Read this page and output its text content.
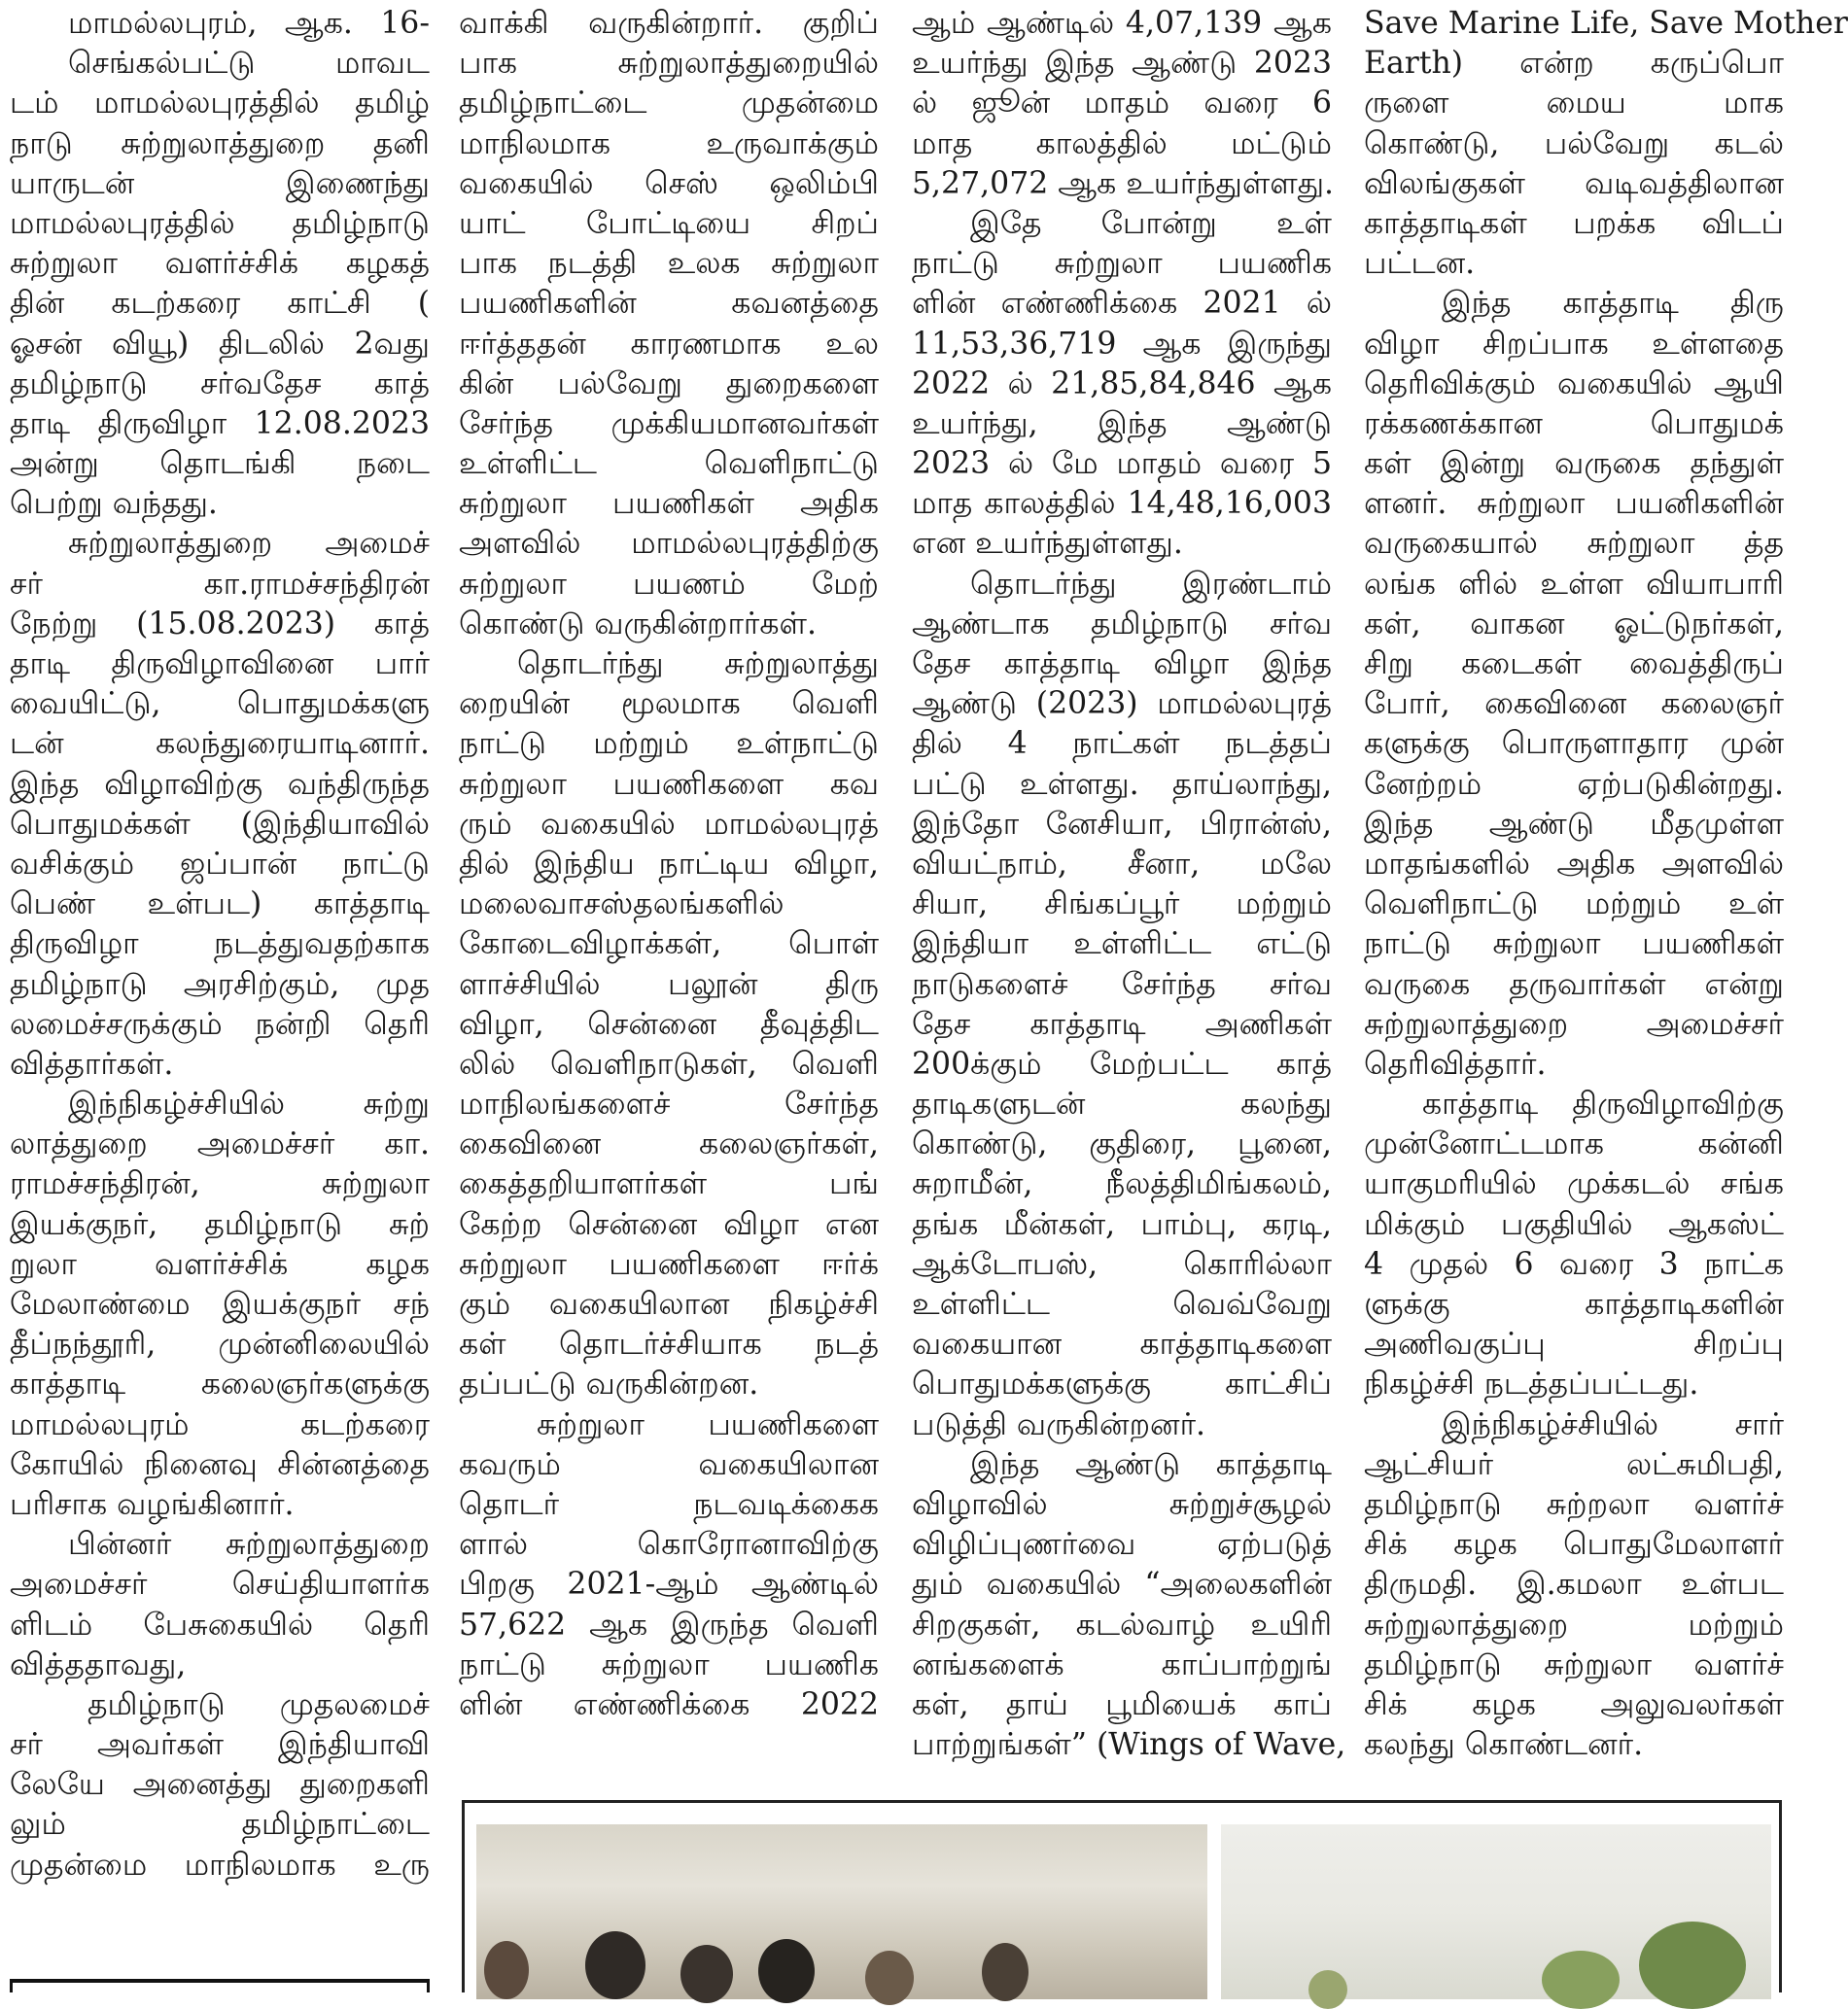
மாமல்லபுரம், ஆக. 16-
செங்கல்பட்டு மாவட
டம் மாமல்லபுரத்தில் தமிழ்
நாடு சுற்றுலாத்துறை தனி
யாருடன் இணைந்து
மாமல்லபுரத்தில் தமிழ்நாடு
சுற்றுலா வளர்ச்சிக் கழகத்
தின் கடற்கரை காட்சி (
ஓசன் வியூ) திடலில் 2வது
தமிழ்நாடு சர்வதேச காத்
தாடி திருவிழா 12.08.2023
அன்று தொடங்கி நடை
பெற்று வந்தது.
சுற்றுலாத்துறை அமைச்
சர் கா.ராமச்சந்திரன்
நேற்று (15.08.2023) காத்
தாடி திருவிழாவினை பார்
வையிட்டு, பொதுமக்களு
டன் கலந்துரையாடினார்.
இந்த விழாவிற்கு வந்திருந்த
பொதுமக்கள் (இந்தியாவில்
வசிக்கும் ஜப்பான் நாட்டு
பெண் உள்பட) காத்தாடி
திருவிழா நடத்துவதற்காக
தமிழ்நாடு அரசிற்கும், முத
லமைச்சருக்கும் நன்றி தெரி
வித்தார்கள்.
இந்நிகழ்ச்சியில் சுற்று
லாத்துறை அமைச்சர் கா.
ராமச்சந்திரன், சுற்றுலா
இயக்குநர், தமிழ்நாடு சுற்
றுலா வளர்ச்சிக் கழக
மேலாண்மை இயக்குநர் சந்
தீப்நந்தூரி, முன்னிலையில்
காத்தாடி கலைஞர்களுக்கு
மாமல்லபுரம் கடற்கரை
கோயில் நினைவு சின்னத்தை
பரிசாக வழங்கினார்.
பின்னர் சுற்றுலாத்துறை
அமைச்சர் செய்தியாளர்க
ளிடம் பேசுகையில் தெரி
வித்ததாவது,
தமிழ்நாடு முதலமைச்
சர் அவர்கள் இந்தியாவி
லேயே அனைத்து துறைகளி
லும் தமிழ்நாட்டை
முதன்மை மாநிலமாக உரு
வாக்கி வருகின்றார். குறிப்
பாக சுற்றுலாத்துறையில்
தமிழ்நாட்டை முதன்மை
மாநிலமாக உருவாக்கும்
வகையில் செஸ் ஒலிம்பி
யாட் போட்டியை சிறப்
பாக நடத்தி உலக சுற்றுலா
பயணிகளின் கவனத்தை
ஈர்த்ததன் காரணமாக உல
கின் பல்வேறு துறைகளை
சேர்ந்த முக்கியமானவர்கள்
உள்ளிட்ட வெளிநாட்டு
சுற்றுலா பயணிகள் அதிக
அளவில் மாமல்லபுரத்திற்கு
சுற்றுலா பயணம் மேற்
கொண்டு வருகின்றார்கள்.
தொடர்ந்து சுற்றுலாத்து
றையின் மூலமாக வெளி
நாட்டு மற்றும் உள்நாட்டு
சுற்றுலா பயணிகளை கவ
ரும் வகையில் மாமல்லபுரத்
தில் இந்திய நாட்டிய விழா,
மலைவாசஸ்தலங்களில்
கோடைவிழாக்கள், பொள்
ளாச்சியில் பலூன் திரு
விழா, சென்னை தீவுத்திட
லில் வெளிநாடுகள், வெளி
மாநிலங்களைச் சேர்ந்த
கைவினை கலைஞர்கள்,
கைத்தறியாளர்கள் பங்
கேற்ற சென்னை விழா என
சுற்றுலா பயணிகளை ஈர்க்
கும் வகையிலான நிகழ்ச்சி
கள் தொடர்ச்சியாக நடத்
தப்பட்டு வருகின்றன.
சுற்றுலா பயணிகளை
கவரும் வகையிலான
தொடர் நடவடிக்கைக
ளால் கொரோனாவிற்கு
பிறகு 2021-ஆம் ஆண்டில்
57,622 ஆக இருந்த வெளி
நாட்டு சுற்றுலா பயணிக
ளின் எண்ணிக்கை 2022
ஆம் ஆண்டில் 4,07,139 ஆக
உயர்ந்து இந்த ஆண்டு 2023
ல் ஜூன் மாதம் வரை 6
மாத காலத்தில் மட்டும்
5,27,072 ஆக உயர்ந்துள்ளது.
இதே போன்று உள்
நாட்டு சுற்றுலா பயணிக
ளின் எண்ணிக்கை 2021 ல்
11,53,36,719 ஆக இருந்து
2022 ல் 21,85,84,846 ஆக
உயர்ந்து, இந்த ஆண்டு
2023 ல் மே மாதம் வரை 5
மாத காலத்தில் 14,48,16,003
என உயர்ந்துள்ளது.
தொடர்ந்து இரண்டாம்
ஆண்டாக தமிழ்நாடு சர்வ
தேச காத்தாடி விழா இந்த
ஆண்டு (2023) மாமல்லபுரத்
தில் 4 நாட்கள் நடத்தப்
பட்டு உள்ளது. தாய்லாந்து,
இந்தோ னேசியா, பிரான்ஸ்,
வியட்நாம், சீனா, மலே
சியா, சிங்கப்பூர் மற்றும்
இந்தியா உள்ளிட்ட எட்டு
நாடுகளைச் சேர்ந்த சர்வ
தேச காத்தாடி அணிகள்
200க்கும் மேற்பட்ட காத்
தாடிகளுடன் கலந்து
கொண்டு, குதிரை, பூனை,
சுறாமீன், நீலத்திமிங்கலம்,
தங்க மீன்கள், பாம்பு, கரடி,
ஆக்டோபஸ், கொரில்லா
உள்ளிட்ட வெவ்வேறு
வகையான காத்தாடிகளை
பொதுமக்களுக்கு காட்சிப்
படுத்தி வருகின்றனர்.
இந்த ஆண்டு காத்தாடி
விழாவில் சுற்றுச்சூழல்
விழிப்புணர்வை ஏற்படுத்
தும் வகையில் “அலைகளின்
சிறகுகள், கடல்வாழ் உயிரி
னங்களைக் காப்பாற்றுங்
கள், தாய் பூமியைக் காப்
பாற்றுங்கள்” (Wings of Wave,
Save Marine Life, Save Mother
Earth) என்ற கருப்பொ
ருளை மைய மாக
கொண்டு, பல்வேறு கடல்
விலங்குகள் வடிவத்திலான
காத்தாடிகள் பறக்க விடப்
பட்டன.
இந்த காத்தாடி திரு
விழா சிறப்பாக உள்ளதை
தெரிவிக்கும் வகையில் ஆயி
ரக்கணக்கான பொதுமக்
கள் இன்று வருகை தந்துள்
ளனர். சுற்றுலா பயனிகளின்
வருகையால் சுற்றுலா த்த
லங்க ளில் உள்ள வியாபாரி
கள், வாகன ஓட்டுநர்கள்,
சிறு கடைகள் வைத்திருப்
போர், கைவினை கலைஞர்
களுக்கு பொருளாதார முன்
னேற்றம் ஏற்படுகின்றது.
இந்த ஆண்டு மீதமுள்ள
மாதங்களில் அதிக அளவில்
வெளிநாட்டு மற்றும் உள்
நாட்டு சுற்றுலா பயணிகள்
வருகை தருவார்கள் என்று
சுற்றுலாத்துறை அமைச்சர்
தெரிவித்தார்.
காத்தாடி திருவிழாவிற்கு
முன்னோட்டமாக கன்னி
யாகுமரியில் முக்கடல் சங்க
மிக்கும் பகுதியில் ஆகஸ்ட்
4 முதல் 6 வரை 3 நாட்க
ளுக்கு காத்தாடிகளின்
அணிவகுப்பு சிறப்பு
நிகழ்ச்சி நடத்தப்பட்டது.
இந்நிகழ்ச்சியில் சார்
ஆட்சியர் லட்சுமிபதி,
தமிழ்நாடு சுற்றலா வளர்ச்
சிக் கழக பொதுமேலாளர்
திருமதி. இ.கமலா உள்பட
சுற்றுலாத்துறை மற்றும்
தமிழ்நாடு சுற்றுலா வளர்ச்
சிக் கழக அலுவலர்கள்
கலந்து கொண்டனர்.
